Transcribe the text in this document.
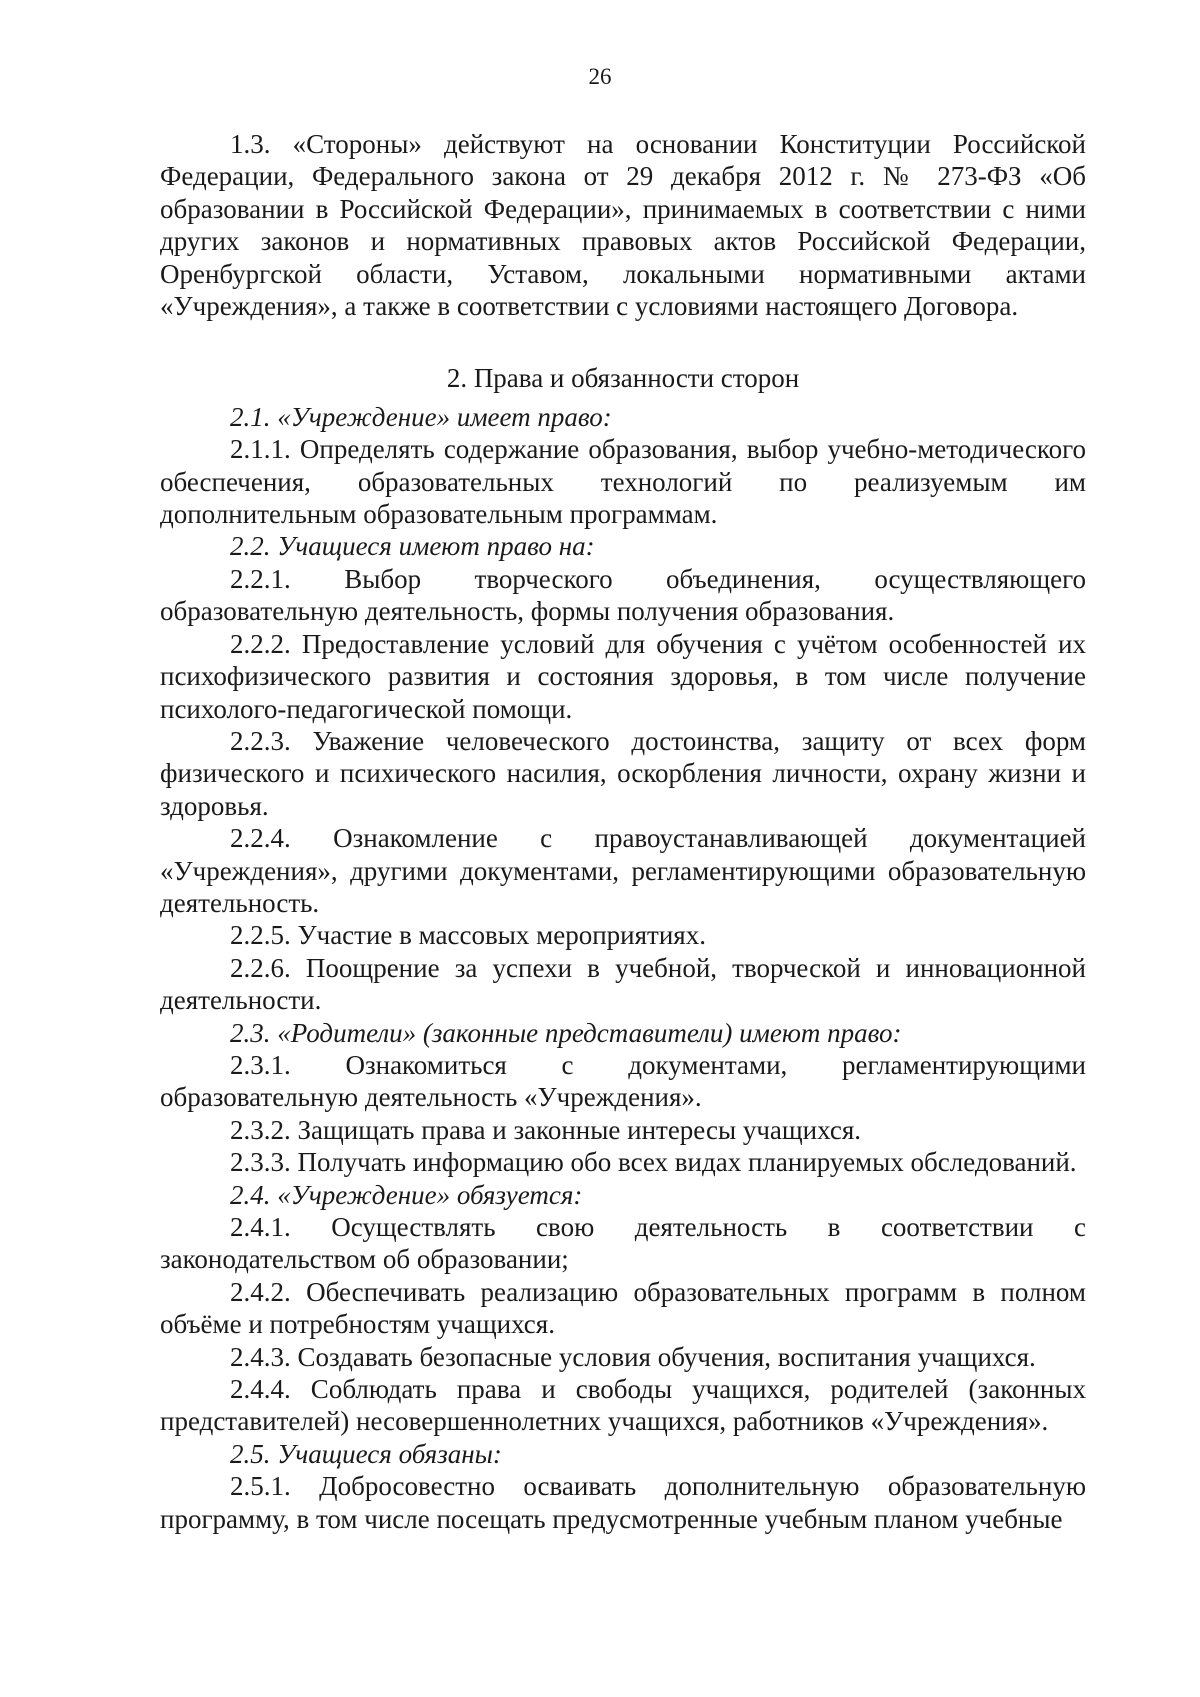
26

1.3. «Стороны» действуют на основании Конституции Российской Федерации, Федерального закона от 29 декабря 2012 г. № 273-ФЗ «Об образовании в Российской Федерации», принимаемых в соответствии с ними других законов и нормативных правовых актов Российской Федерации, Оренбургской области, Уставом, локальными нормативными актами «Учреждения», а также в соответствии с условиями настоящего Договора.

2. Права и обязанности сторон

2.1. «Учреждение» имеет право:

2.1.1. Определять содержание образования, выбор учебно-методического обеспечения, образовательных технологий по реализуемым им дополнительным образовательным программам.

2.2. Учащиеся имеют право на:

2.2.1. Выбор творческого объединения, осуществляющего образовательную деятельность, формы получения образования.

2.2.2. Предоставление условий для обучения с учётом особенностей их психофизического развития и состояния здоровья, в том числе получение психолого-педагогической помощи.

2.2.3. Уважение человеческого достоинства, защиту от всех форм физического и психического насилия, оскорбления личности, охрану жизни и здоровья.

2.2.4. Ознакомление с правоустанавливающей документацией «Учреждения», другими документами, регламентирующими образовательную деятельность.

2.2.5. Участие в массовых мероприятиях.

2.2.6. Поощрение за успехи в учебной, творческой и инновационной деятельности.

2.3. «Родители» (законные представители) имеют право:

2.3.1. Ознакомиться с документами, регламентирующими образовательную деятельность «Учреждения».

2.3.2. Защищать права и законные интересы учащихся.

2.3.3. Получать информацию обо всех видах планируемых обследований.

2.4. «Учреждение» обязуется:

2.4.1. Осуществлять свою деятельность в соответствии с законодательством об образовании;

2.4.2. Обеспечивать реализацию образовательных программ в полном объёме и потребностям учащихся.

2.4.3. Создавать безопасные условия обучения, воспитания учащихся.

2.4.4. Соблюдать права и свободы учащихся, родителей (законных представителей) несовершеннолетних учащихся, работников «Учреждения».

2.5. Учащиеся обязаны:

2.5.1. Добросовестно осваивать дополнительную образовательную программу, в том числе посещать предусмотренные учебным планом учебные
